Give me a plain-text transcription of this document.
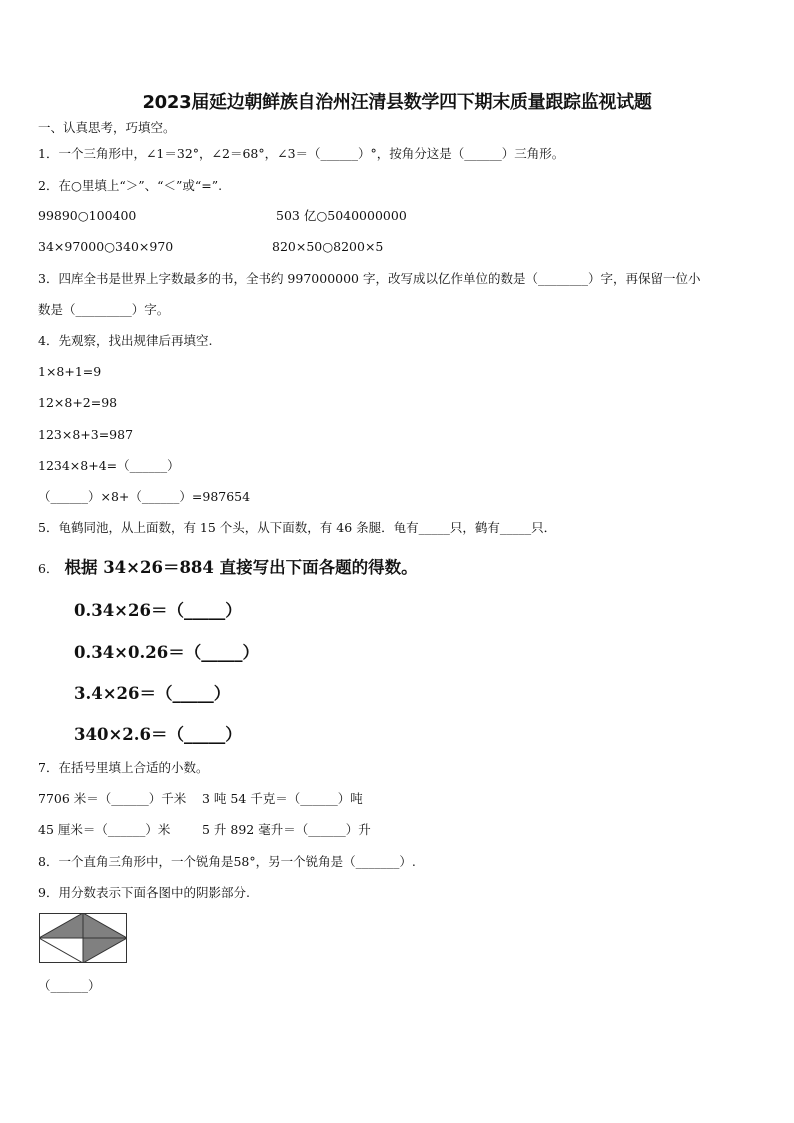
2023届延边朝鲜族自治州汪清县数学四下期末质量跟踪监视试题
一、认真思考，巧填空。
1．一个三角形中，∠1＝32°，∠2＝68°，∠3＝（______）°，按角分这是（______）三角形。
2．在○里填上“＞”、“＜”或“=”.
99890○100400	503 亿○5040000000
34×97000○340×970	820×50○8200×5
3．四库全书是世界上字数最多的书，全书约 997000000 字，改写成以亿作单位的数是（________）字，再保留一位小
数是（_________）字。
4．先观察，找出规律后再填空.
1×8+1=9
12×8+2=98
123×8+3=987
1234×8+4=（______）
（______）×8+（______）=987654
5．龟鹤同池，从上面数，有 15 个头，从下面数，有 46 条腿．龟有_____只，鹤有_____只．
6． 根据 34×26＝884 直接写出下面各题的得数。
0.34×26＝（_____）
0.34×0.26＝（_____）
3.4×26＝（_____）
340×2.6＝（_____）
7．在括号里填上合适的小数。
7706 米＝（______）千米 3 吨 54 千克＝（______）吨
45 厘米＝（______）米	5 升 892 毫升＝（______）升
8．一个直角三角形中，一个锐角是58°，另一个锐角是（_______）.
9．用分数表示下面各图中的阴影部分.
（______）
